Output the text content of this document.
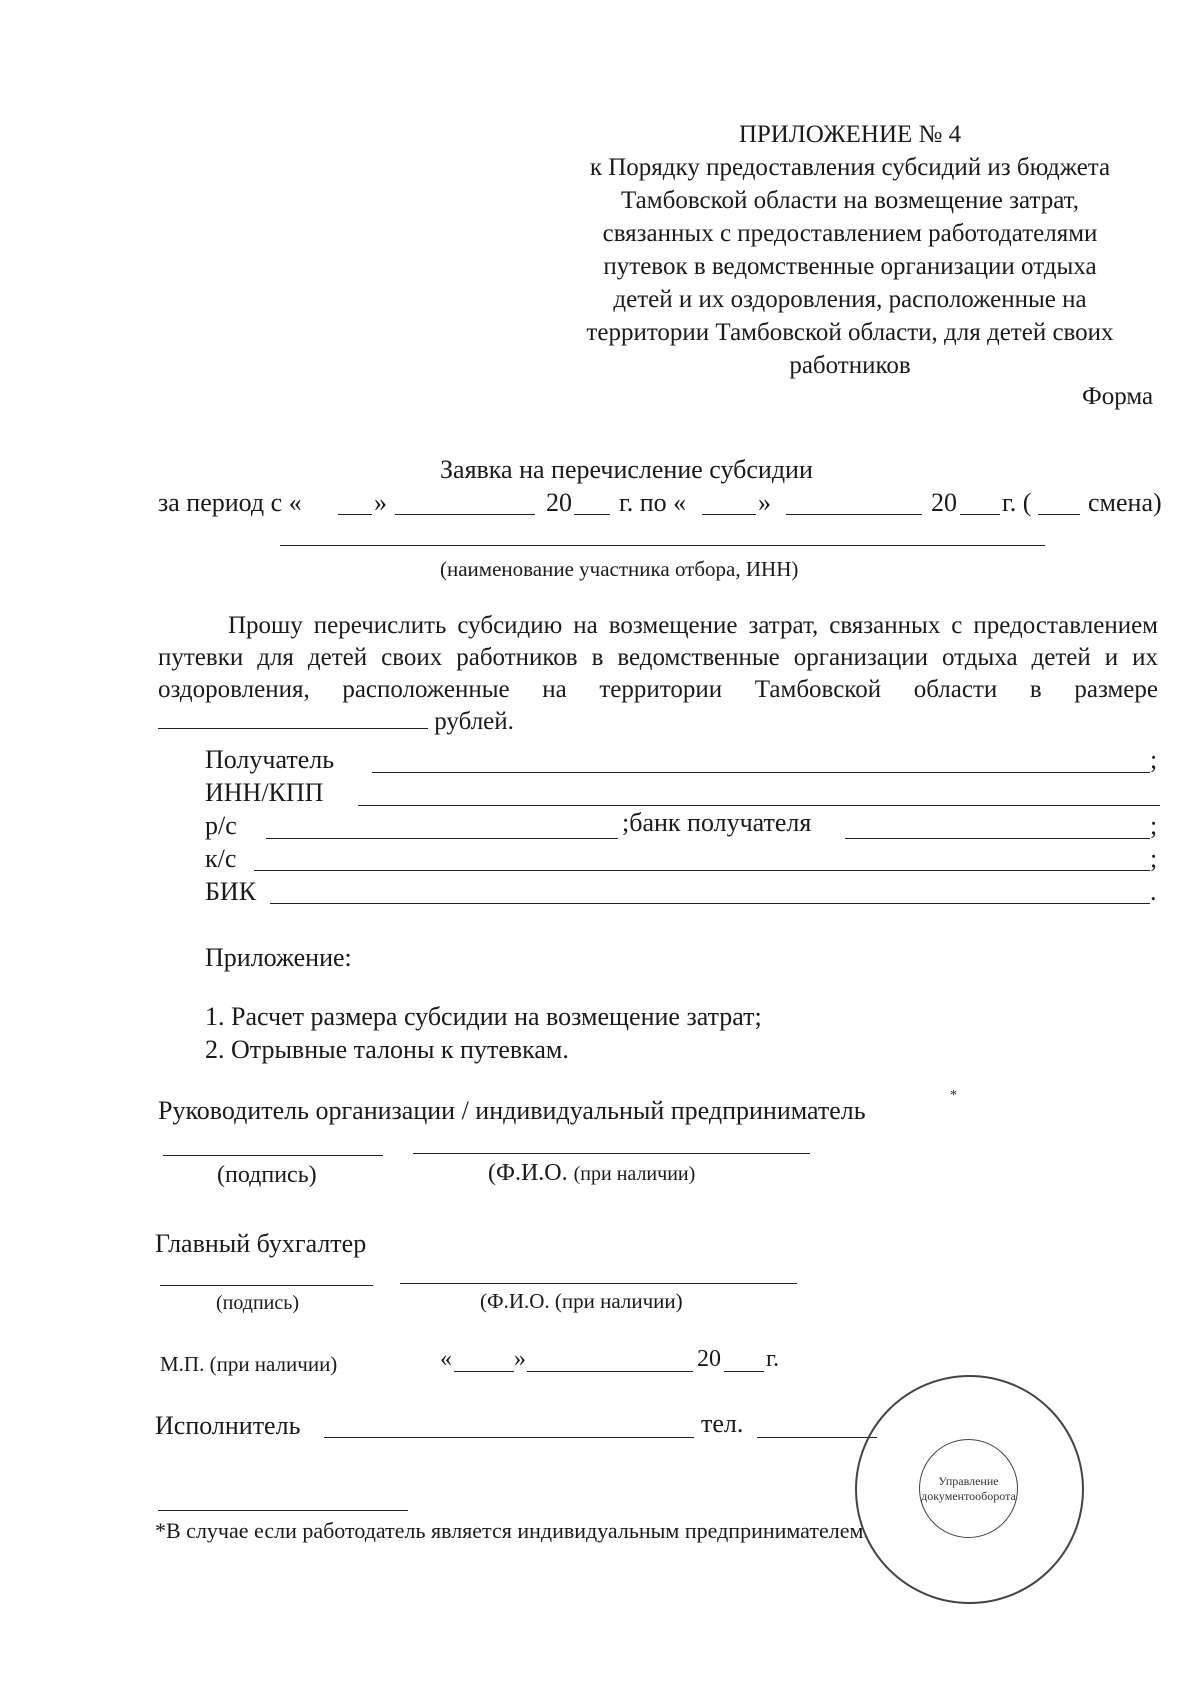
ПРИЛОЖЕНИЕ № 4
к Порядку предоставления субсидий из бюджета
Тамбовской области на возмещение затрат,
связанных с предоставлением работодателями
путевок в ведомственные организации отдыха
детей и их оздоровления, расположенные на
территории Тамбовской области, для детей своих
работников
Форма
Заявка на перечисление субсидии
за период с «	»	20 г. по «	»	20 г. ( смена)
(наименование участника отбора, ИНН)
Прошу перечислить субсидию на возмещение затрат, связанных с предоставлением путевки для детей своих работников в ведомственные организации отдыха детей и их оздоровления, расположенные на территории Тамбовской области в размере рублей.
Получатель	;
ИНН/КПП
р/с	;банк получателя	;
к/с	;
БИК	.
Приложение:
1. Расчет размера субсидии на возмещение затрат;
2. Отрывные талоны к путевкам.
Руководитель организации / индивидуальный предприниматель
*
(подпись)	(Ф.И.О. (при наличии)
Главный бухгалтер
(подпись)	(Ф.И.О. (при наличии)
М.П. (при наличии)	«	»	20 г.
Исполнитель	тел.
*В случае если работодатель является индивидуальным предпринимателем.
Управление
документооборота
